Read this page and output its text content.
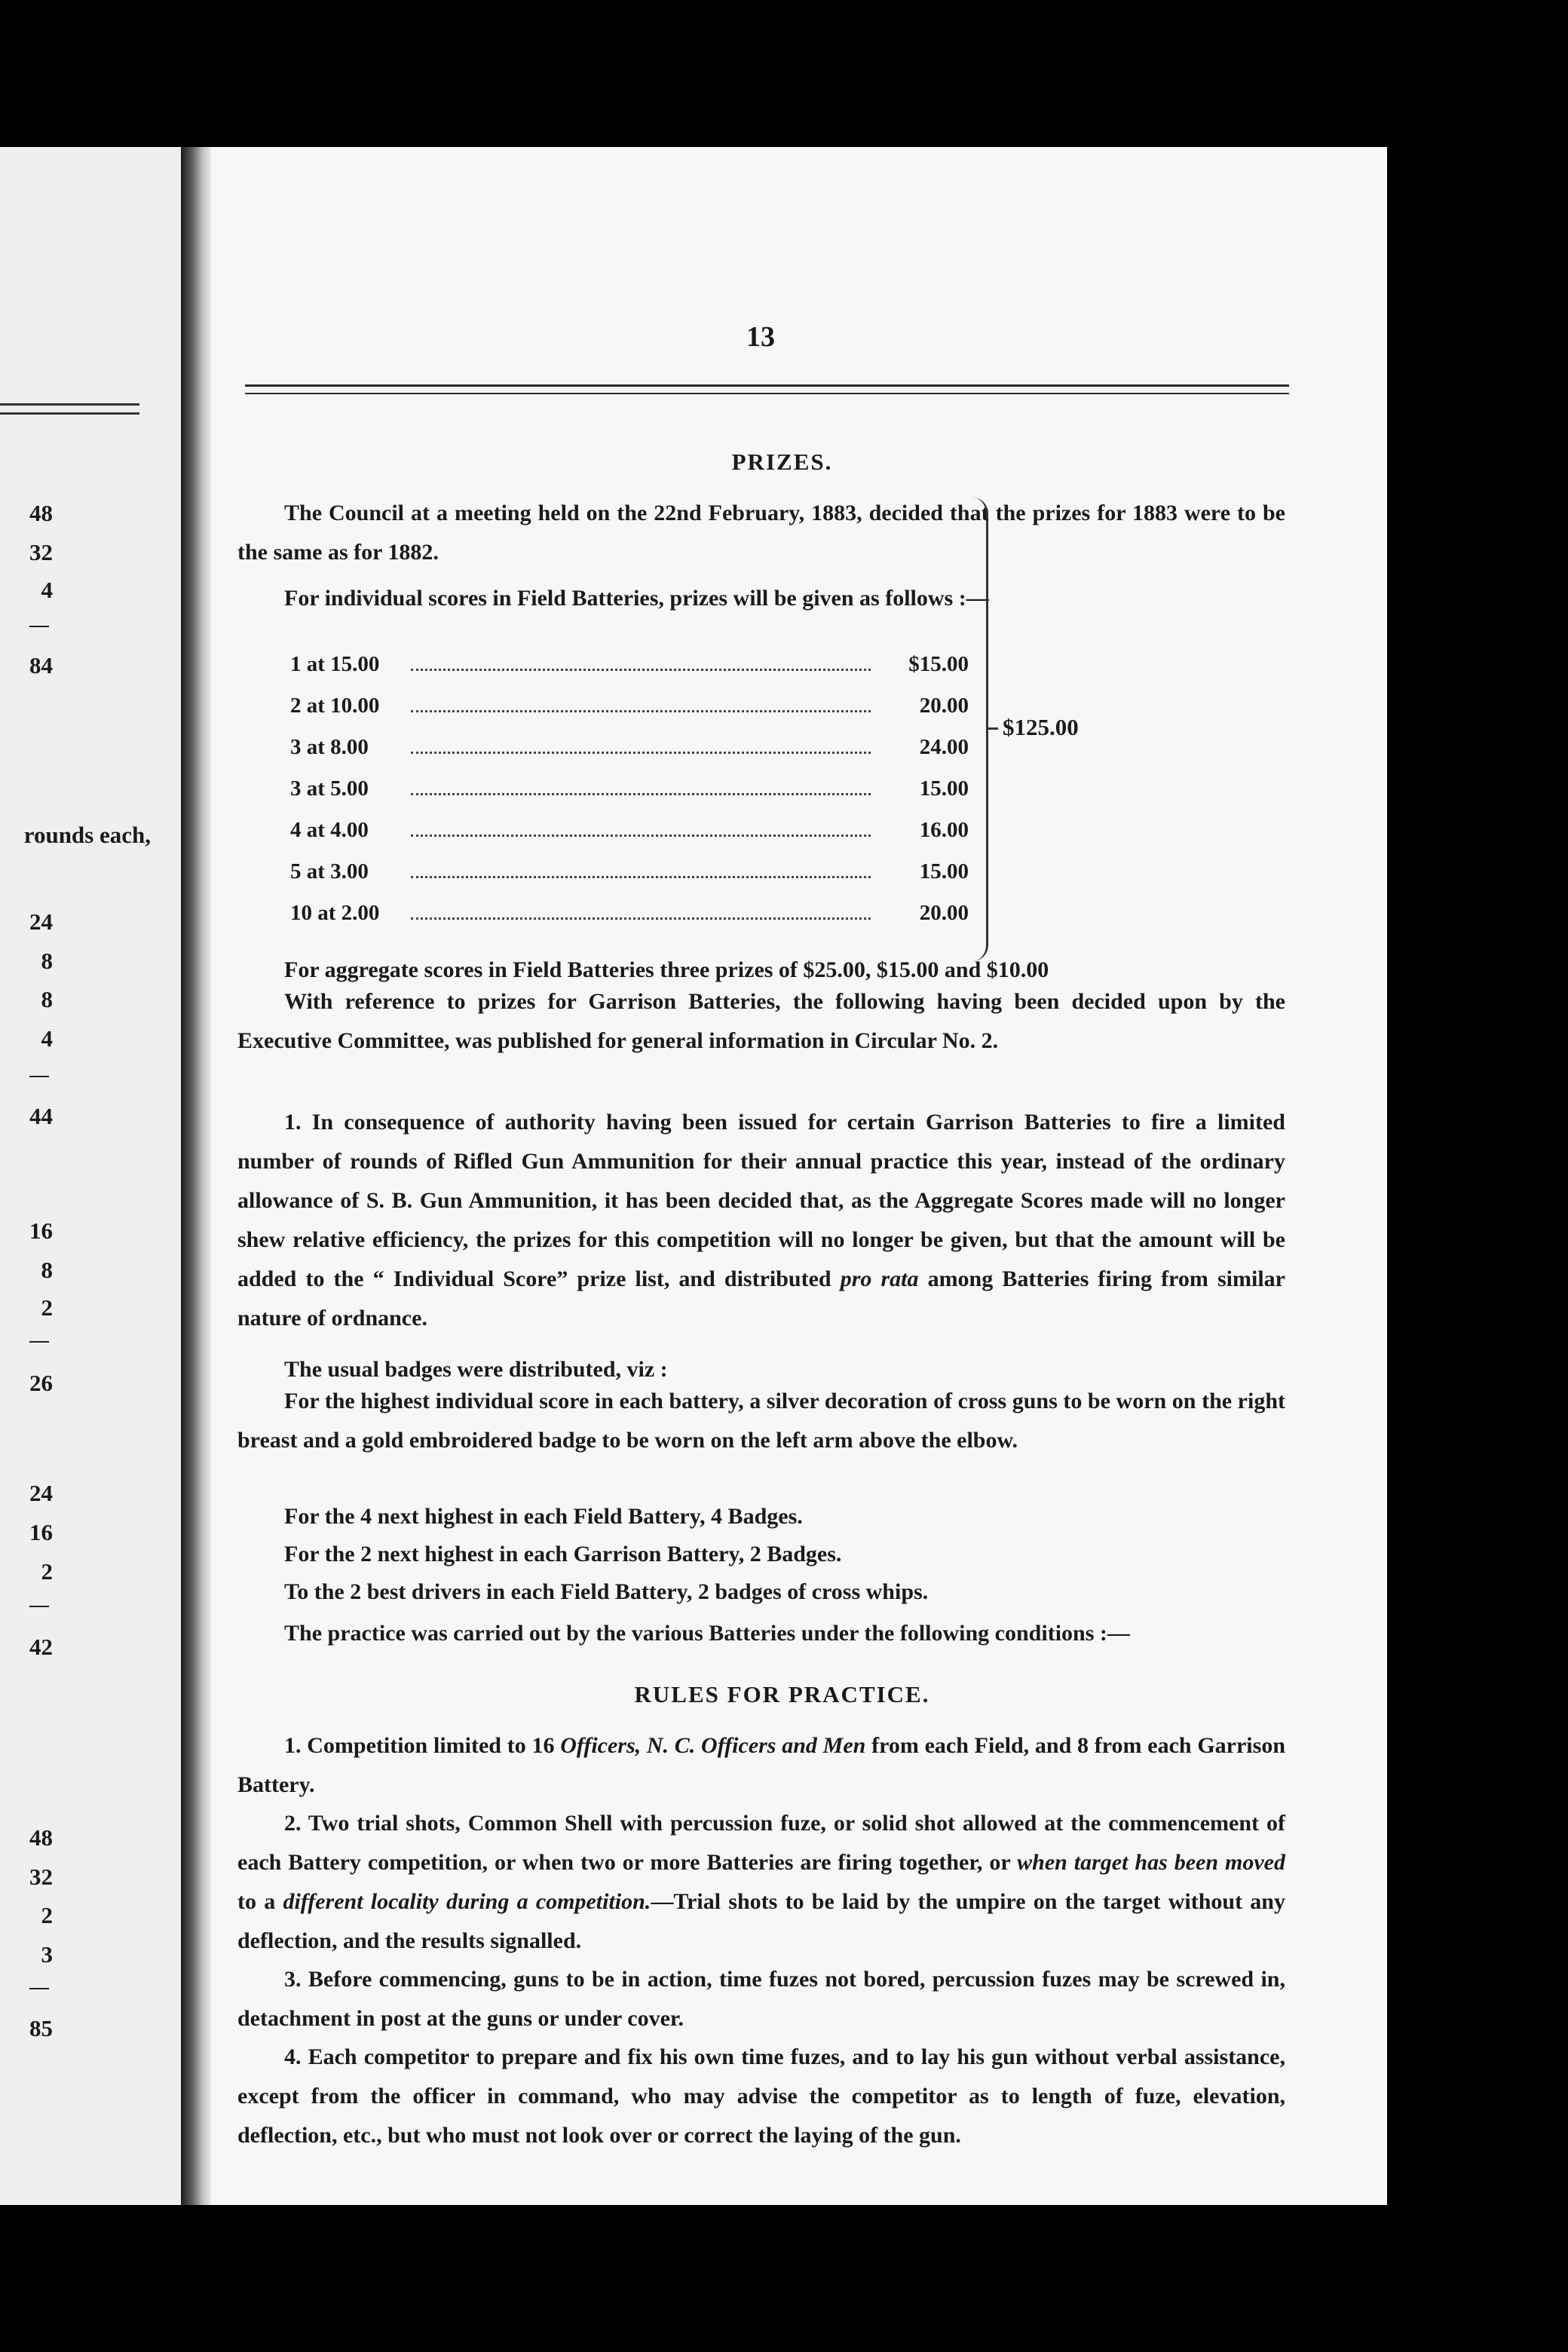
48
32
4
84
rounds each,
24
8
8
4
44
16
8
2
26
24
16
2
42
48
32
2
3
85
13
PRIZES.
The Council at a meeting held on the 22nd February, 1883, decided that the prizes for 1883 were to be the same as for 1882.
For individual scores in Field Batteries, prizes will be given as follows :—
1 at 15.00	$15.00
2 at 10.00	20.00
3 at 8.00	24.00
3 at 5.00	15.00
4 at 4.00	16.00
5 at 3.00	15.00
10 at 2.00	20.00
$125.00
For aggregate scores in Field Batteries three prizes of $25.00, $15.00 and $10.00
With reference to prizes for Garrison Batteries, the following having been decided upon by the Executive Committee, was published for general information in Circular No. 2.
1. In consequence of authority having been issued for certain Garrison Batteries to fire a limited number of rounds of Rifled Gun Ammunition for their annual practice this year, instead of the ordinary allowance of S. B. Gun Ammunition, it has been decided that, as the Aggregate Scores made will no longer shew relative efficiency, the prizes for this competition will no longer be given, but that the amount will be added to the “ Individual Score” prize list, and distributed pro rata among Batteries firing from similar nature of ordnance.
The usual badges were distributed, viz :
For the highest individual score in each battery, a silver decoration of cross guns to be worn on the right breast and a gold embroidered badge to be worn on the left arm above the elbow.
For the 4 next highest in each Field Battery, 4 Badges.
For the 2 next highest in each Garrison Battery, 2 Badges.
To the 2 best drivers in each Field Battery, 2 badges of cross whips.
The practice was carried out by the various Batteries under the following conditions :—
RULES FOR PRACTICE.
1. Competition limited to 16 Officers, N. C. Officers and Men from each Field, and 8 from each Garrison Battery.
2. Two trial shots, Common Shell with percussion fuze, or solid shot allowed at the commencement of each Battery competition, or when two or more Batteries are firing together, or when target has been moved to a different locality during a competition.—Trial shots to be laid by the umpire on the target without any deflection, and the results signalled.
3. Before commencing, guns to be in action, time fuzes not bored, percussion fuzes may be screwed in, detachment in post at the guns or under cover.
4. Each competitor to prepare and fix his own time fuzes, and to lay his gun without verbal assistance, except from the officer in command, who may advise the competitor as to length of fuze, elevation, deflection, etc., but who must not look over or correct the laying of the gun.
